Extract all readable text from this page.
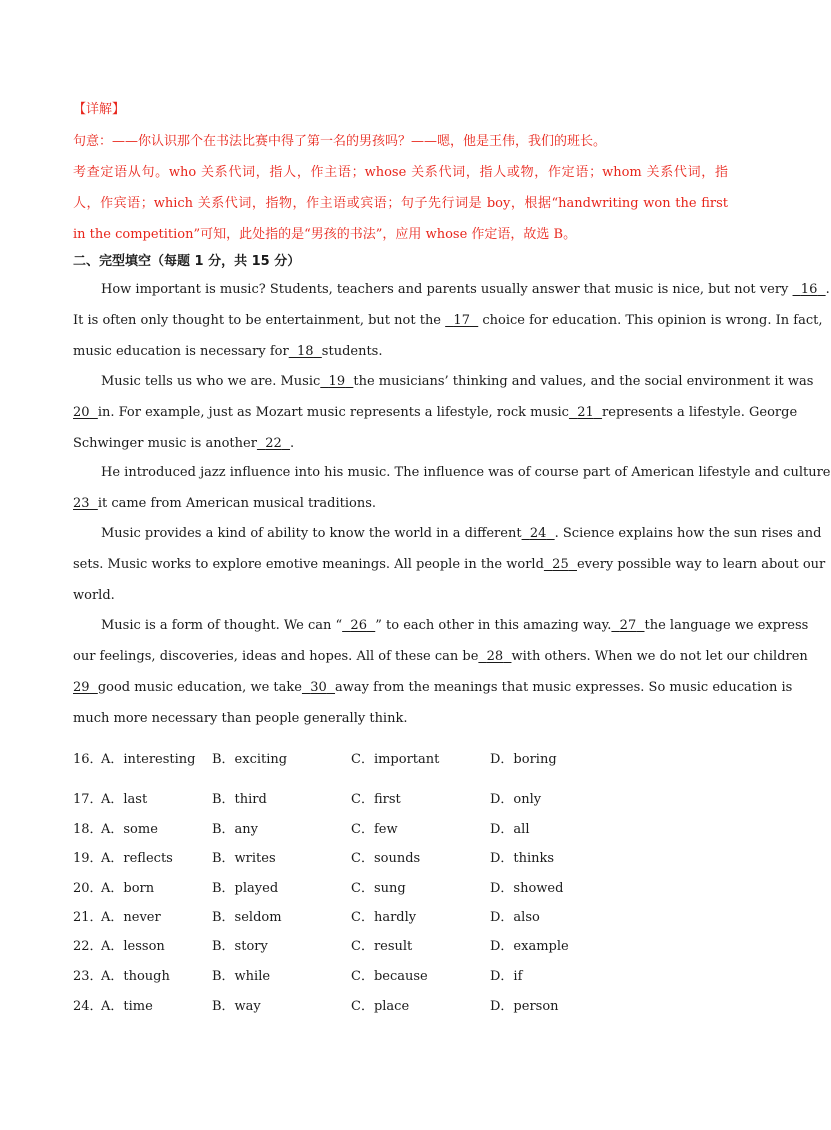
【详解】
句意：——你认识那个在书法比赛中得了第一名的男孩吗？——嗯，他是王伟，我们的班长。
考查定语从句。who 关系代词，指人，作主语；whose 关系代词，指人或物，作定语；whom 关系代词，指
人，作宾语；which 关系代词，指物，作主语或宾语；句子先行词是 boy，根据“handwriting won the first
in the competition”可知，此处指的是“男孩的书法”，应用 whose 作定语，故选 B。
二、完型填空（每题 1 分，共 15 分）
How important is music? Students, teachers and parents usually answer that music is nice, but not very 16 .
It is often only thought to be entertainment, but not the 17 choice for education. This opinion is wrong. In fact,
music education is necessary for 18 students.
Music tells us who we are. Music 19 the musicians’ thinking and values, and the social environment it was
20 in. For example, just as Mozart music represents a lifestyle, rock music 21 represents a lifestyle. George
Schwinger music is another 22 .
He introduced jazz influence into his music. The influence was of course part of American lifestyle and culture
23 it came from American musical traditions.
Music provides a kind of ability to know the world in a different 24 . Science explains how the sun rises and
sets. Music works to explore emotive meanings. All people in the world 25 every possible way to learn about our
world.
Music is a form of thought. We can “ 26 ” to each other in this amazing way. 27 the language we express
our feelings, discoveries, ideas and hopes. All of these can be 28 with others. When we do not let our children
29 good music education, we take 30 away from the meanings that music expresses. So music education is
much more necessary than people generally think.
16．
A．interesting B．exciting	C．important	D．boring
17．
A．last	B．third	C．first	D．only
18．
A．some	B．any	C．few	D．all
19．
A．reflects	B．writes	C．sounds	D．thinks
20．
A．born	B．played	C．sung	D．showed
21．
A．never	B．seldom	C．hardly	D．also
22．
A．lesson	B．story	C．result	D．example
23．
A．though	B．while	C．because	D．if
24．
A．time	B．way	C．place	D．person
